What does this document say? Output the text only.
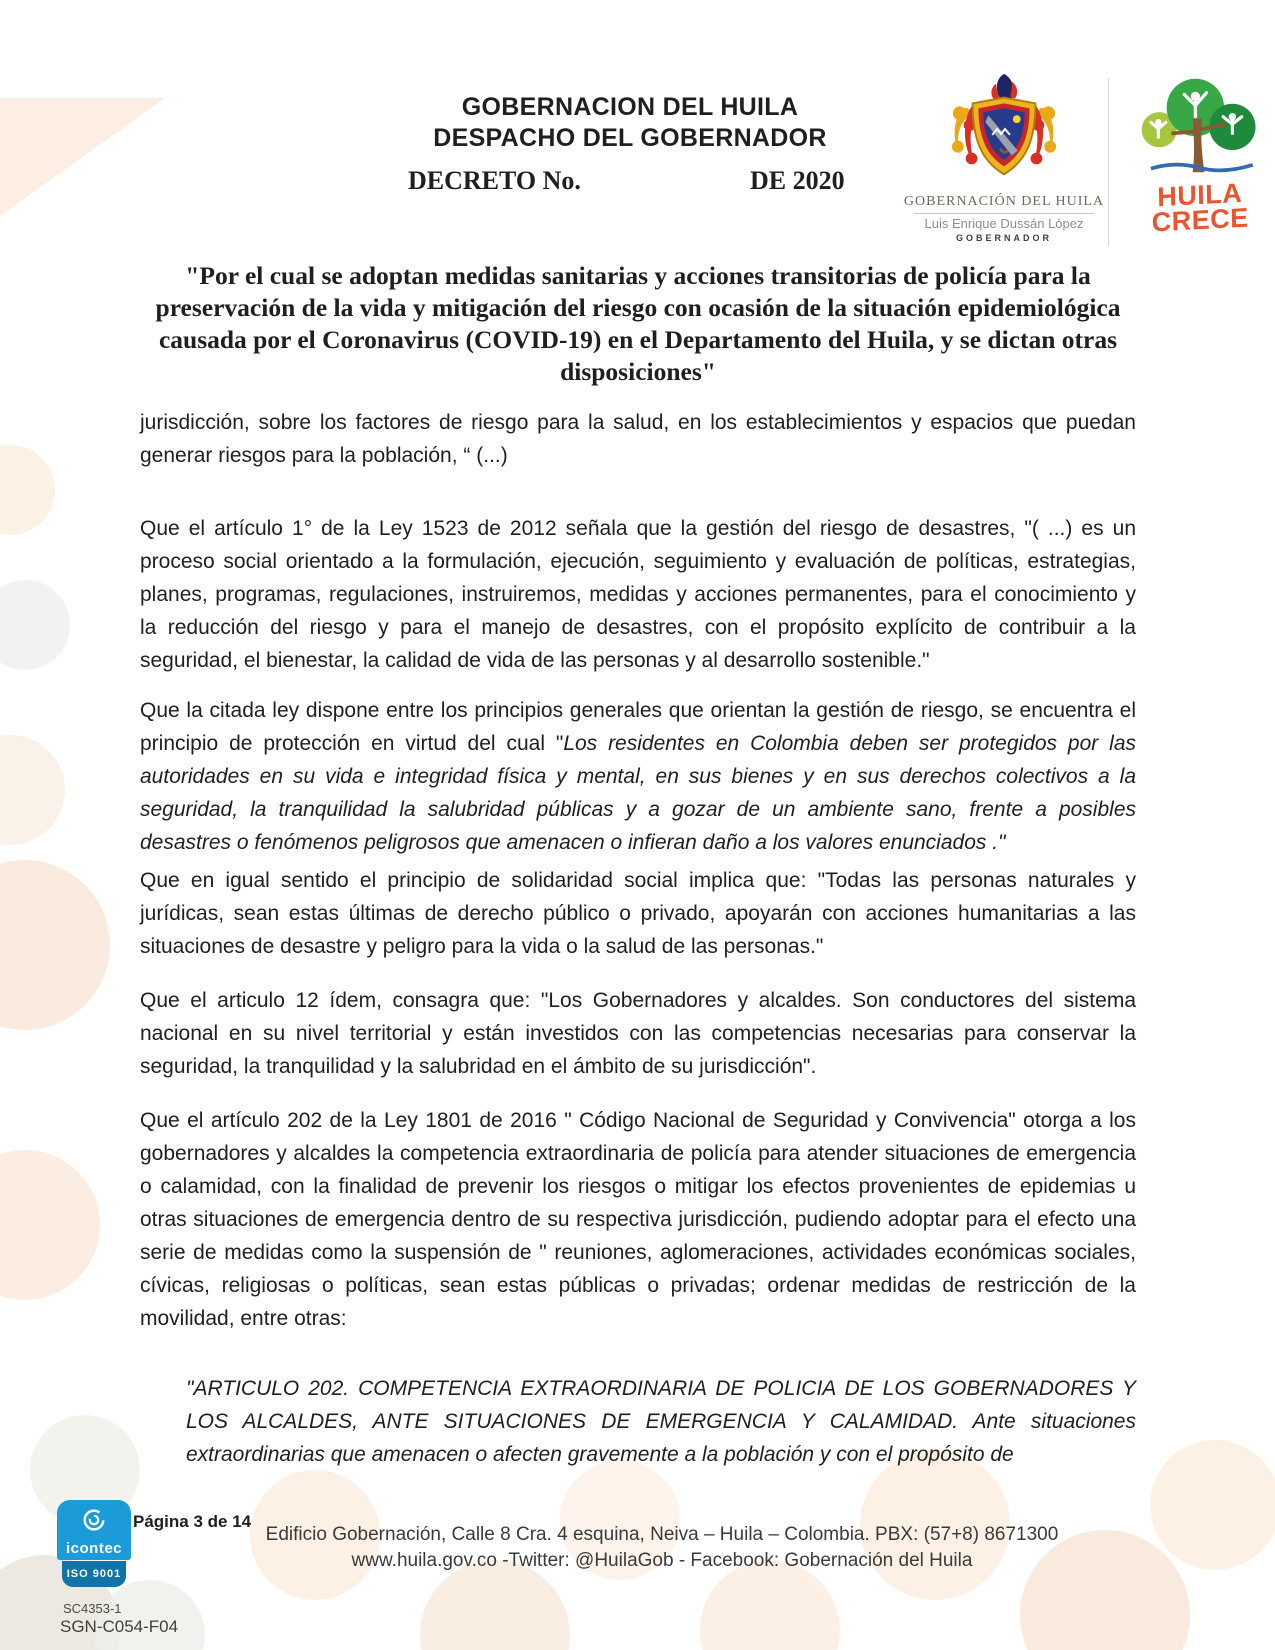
GOBERNACION DEL HUILA
DESPACHO DEL GOBERNADOR
DECRETO No.	DE 2020
GOBERNACIÓN DEL HUILA
Luis Enrique Dussán López
GOBERNADOR
HUILA
CRECE
"Por el cual se adoptan medidas sanitarias y acciones transitorias de policía para la preservación de la vida y mitigación del riesgo con ocasión de la situación epidemiológica causada por el Coronavirus (COVID-19) en el Departamento del Huila, y se dictan otras disposiciones"
jurisdicción, sobre los factores de riesgo para la salud, en los establecimientos y espacios que puedan generar riesgos para la población, “ (...)
Que el artículo 1° de la Ley 1523 de 2012 señala que la gestión del riesgo de desastres, "( ...) es un proceso social orientado a la formulación, ejecución, seguimiento y evaluación de políticas, estrategias, planes, programas, regulaciones, instruiremos, medidas y acciones permanentes, para el conocimiento y la reducción del riesgo y para el manejo de desastres, con el propósito explícito de contribuir a la seguridad, el bienestar, la calidad de vida de las personas y al desarrollo sostenible."
Que la citada ley dispone entre los principios generales que orientan la gestión de riesgo, se encuentra el principio de protección en virtud del cual "Los residentes en Colombia deben ser protegidos por las autoridades en su vida e integridad física y mental, en sus bienes y en sus derechos colectivos a la seguridad, la tranquilidad la salubridad públicas y a gozar de un ambiente sano, frente a posibles desastres o fenómenos peligrosos que amenacen o infieran daño a los valores enunciados ."
Que en igual sentido el principio de solidaridad social implica que: "Todas las personas naturales y jurídicas, sean estas últimas de derecho público o privado, apoyarán con acciones humanitarias a las situaciones de desastre y peligro para la vida o la salud de las personas."
Que el articulo 12 ídem, consagra que: "Los Gobernadores y alcaldes. Son conductores del sistema nacional en su nivel territorial y están investidos con las competencias necesarias para conservar la seguridad, la tranquilidad y la salubridad en el ámbito de su jurisdicción".
Que el artículo 202 de la Ley 1801 de 2016 " Código Nacional de Seguridad y Convivencia" otorga a los gobernadores y alcaldes la competencia extraordinaria de policía para atender situaciones de emergencia o calamidad, con la finalidad de prevenir los riesgos o mitigar los efectos provenientes de epidemias u otras situaciones de emergencia dentro de su respectiva jurisdicción, pudiendo adoptar para el efecto una serie de medidas como la suspensión de " reuniones, aglomeraciones, actividades económicas sociales, cívicas, religiosas o políticas, sean estas públicas o privadas; ordenar medidas de restricción de la movilidad, entre otras:
"ARTICULO 202. COMPETENCIA EXTRAORDINARIA DE POLICIA DE LOS GOBERNADORES Y LOS ALCALDES, ANTE SITUACIONES DE EMERGENCIA Y CALAMIDAD. Ante situaciones extraordinarias que amenacen o afecten gravemente a la población y con el propósito de
icontec
ISO 9001
SC4353-1
SGN-C054-F04
Página 3 de 14
Edificio Gobernación, Calle 8 Cra. 4 esquina, Neiva – Huila – Colombia. PBX: (57+8) 8671300
www.huila.gov.co -Twitter: @HuilaGob - Facebook: Gobernación del Huila
